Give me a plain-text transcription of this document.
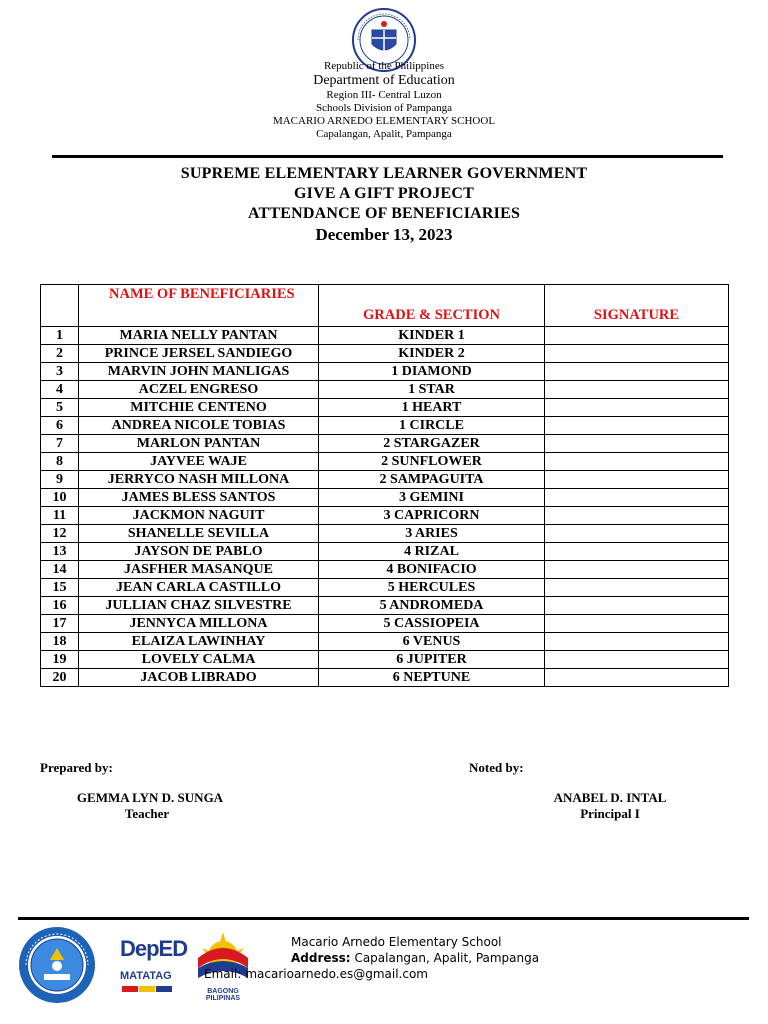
Republic of the Philippines
Department of Education
Region III- Central Luzon
Schools Division of Pampanga
MACARIO ARNEDO ELEMENTARY SCHOOL
Capalangan, Apalit, Pampanga
SUPREME ELEMENTARY LEARNER GOVERNMENT
GIVE A GIFT PROJECT
ATTENDANCE OF BENEFICIARIES
December 13, 2023
	NAME OF BENEFICIARIES	GRADE & SECTION	SIGNATURE
1	MARIA NELLY PANTAN	KINDER 1	
2	PRINCE JERSEL SANDIEGO	KINDER 2	
3	MARVIN JOHN MANLIGAS	1 DIAMOND	
4	ACZEL ENGRESO	1 STAR	
5	MITCHIE CENTENO	1 HEART	
6	ANDREA NICOLE TOBIAS	1 CIRCLE	
7	MARLON PANTAN	2 STARGAZER	
8	JAYVEE WAJE	2 SUNFLOWER	
9	JERRYCO NASH MILLONA	2 SAMPAGUITA	
10	JAMES BLESS SANTOS	3 GEMINI	
11	JACKMON NAGUIT	3 CAPRICORN	
12	SHANELLE SEVILLA	3 ARIES	
13	JAYSON DE PABLO	4 RIZAL	
14	JASFHER MASANQUE	4 BONIFACIO	
15	JEAN CARLA CASTILLO	5 HERCULES	
16	JULLIAN CHAZ SILVESTRE	5 ANDROMEDA	
17	JENNYCA MILLONA	5 CASSIOPEIA	
18	ELAIZA LAWINHAY	6 VENUS	
19	LOVELY CALMA	6 JUPITER	
20	JACOB LIBRADO	6 NEPTUNE	
Prepared by:	Noted by:
GEMMA LYN D. SUNGA
Teacher
ANABEL D. INTAL
Principal I
DepED
MATATAG
BAGONG PILIPINAS
Macario Arnedo Elementary School
Address: Capalangan, Apalit, Pampanga
Email: macarioarnedo.es@gmail.com
